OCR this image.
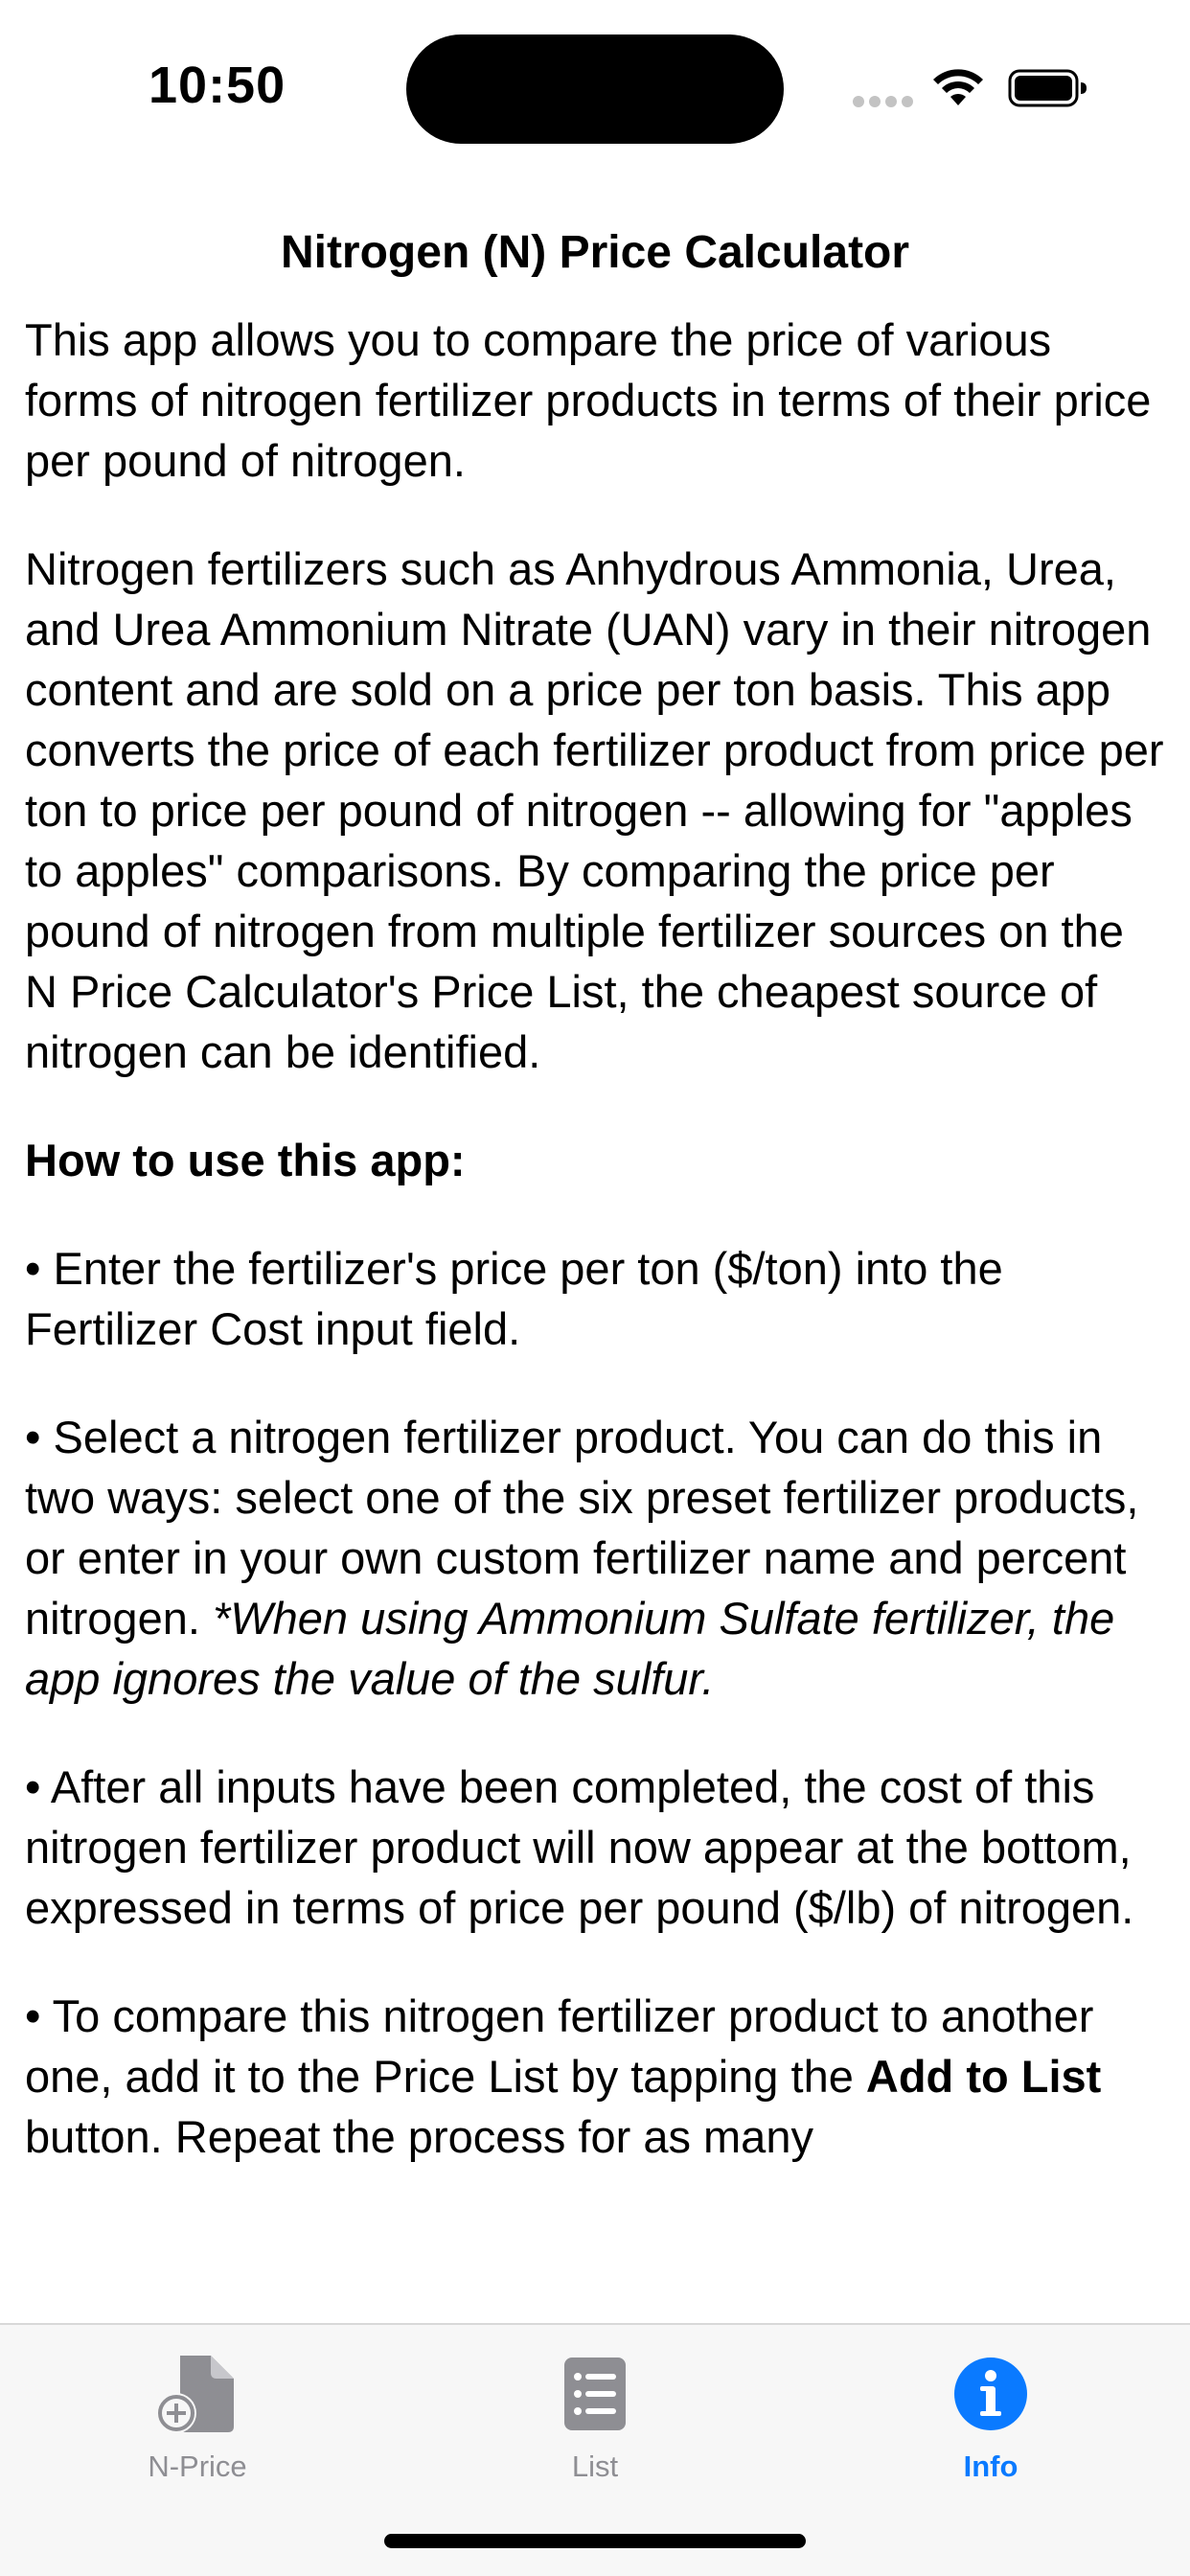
10:50
Nitrogen (N) Price Calculator

This app allows you to compare the price of various forms of nitrogen fertilizer products in terms of their price per pound of nitrogen.

Nitrogen fertilizers such as Anhydrous Ammonia, Urea, and Urea Ammonium Nitrate (UAN) vary in their nitrogen content and are sold on a price per ton basis. This app converts the price of each fertilizer product from price per ton to price per pound of nitrogen -- allowing for "apples to apples" comparisons. By comparing the price per pound of nitrogen from multiple fertilizer sources on the N Price Calculator's Price List, the cheapest source of nitrogen can be identified.

How to use this app:

• Enter the fertilizer's price per ton ($/ton) into the Fertilizer Cost input field.

• Select a nitrogen fertilizer product. You can do this in two ways: select one of the six preset fertilizer products, or enter in your own custom fertilizer name and percent nitrogen. *When using Ammonium Sulfate fertilizer, the app ignores the value of the sulfur.

• After all inputs have been completed, the cost of this nitrogen fertilizer product will now appear at the bottom, expressed in terms of price per pound ($/lb) of nitrogen.

• To compare this nitrogen fertilizer product to another one, add it to the Price List by tapping the Add to List button. Repeat the process for as many

N-Price	List	Info
